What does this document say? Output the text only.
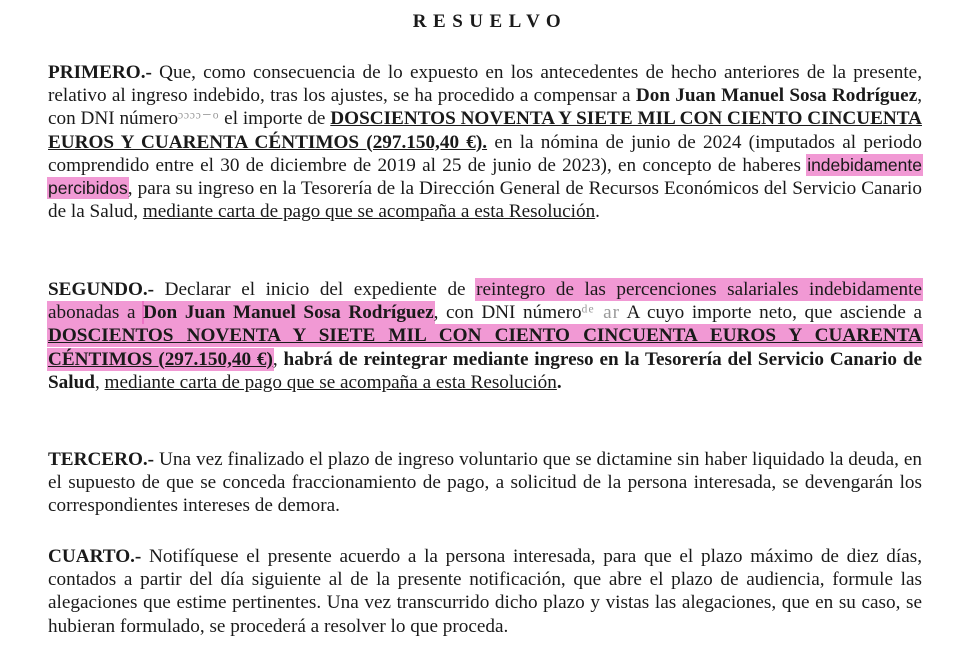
RESUELVO
PRIMERO.- Que, como consecuencia de lo expuesto en los antecedentes de hecho anteriores de la presente, relativo al ingreso indebido, tras los ajustes, se ha procedido a compensar a Don Juan Manuel Sosa Rodríguez, con DNI númeroᵓᵓᵓᵓ⁻ᵒ el importe de DOSCIENTOS NOVENTA Y SIETE MIL CON CIENTO CINCUENTA EUROS Y CUARENTA CÉNTIMOS (297.150,40 €). en la nómina de junio de 2024 (imputados al periodo comprendido entre el 30 de diciembre de 2019 al 25 de junio de 2023), en concepto de haberes indebidamente percibidos, para su ingreso en la Tesorería de la Dirección General de Recursos Económicos del Servicio Canario de la Salud, mediante carta de pago que se acompaña a esta Resolución.
SEGUNDO.- Declarar el inicio del expediente de reintegro de las percenciones salariales indebidamente abonadas a Don Juan Manuel Sosa Rodríguez, con DNI númeroᵈᵉ ar A cuyo importe neto, que asciende a DOSCIENTOS NOVENTA Y SIETE MIL CON CIENTO CINCUENTA EUROS Y CUARENTA CÉNTIMOS (297.150,40 €), habrá de reintegrar mediante ingreso en la Tesorería del Servicio Canario de Salud, mediante carta de pago que se acompaña a esta Resolución.
TERCERO.- Una vez finalizado el plazo de ingreso voluntario que se dictamine sin haber liquidado la deuda, en el supuesto de que se conceda fraccionamiento de pago, a solicitud de la persona interesada, se devengarán los correspondientes intereses de demora.
CUARTO.- Notifíquese el presente acuerdo a la persona interesada, para que el plazo máximo de diez días, contados a partir del día siguiente al de la presente notificación, que abre el plazo de audiencia, formule las alegaciones que estime pertinentes. Una vez transcurrido dicho plazo y vistas las alegaciones, que en su caso, se hubieran formulado, se procederá a resolver lo que proceda.
